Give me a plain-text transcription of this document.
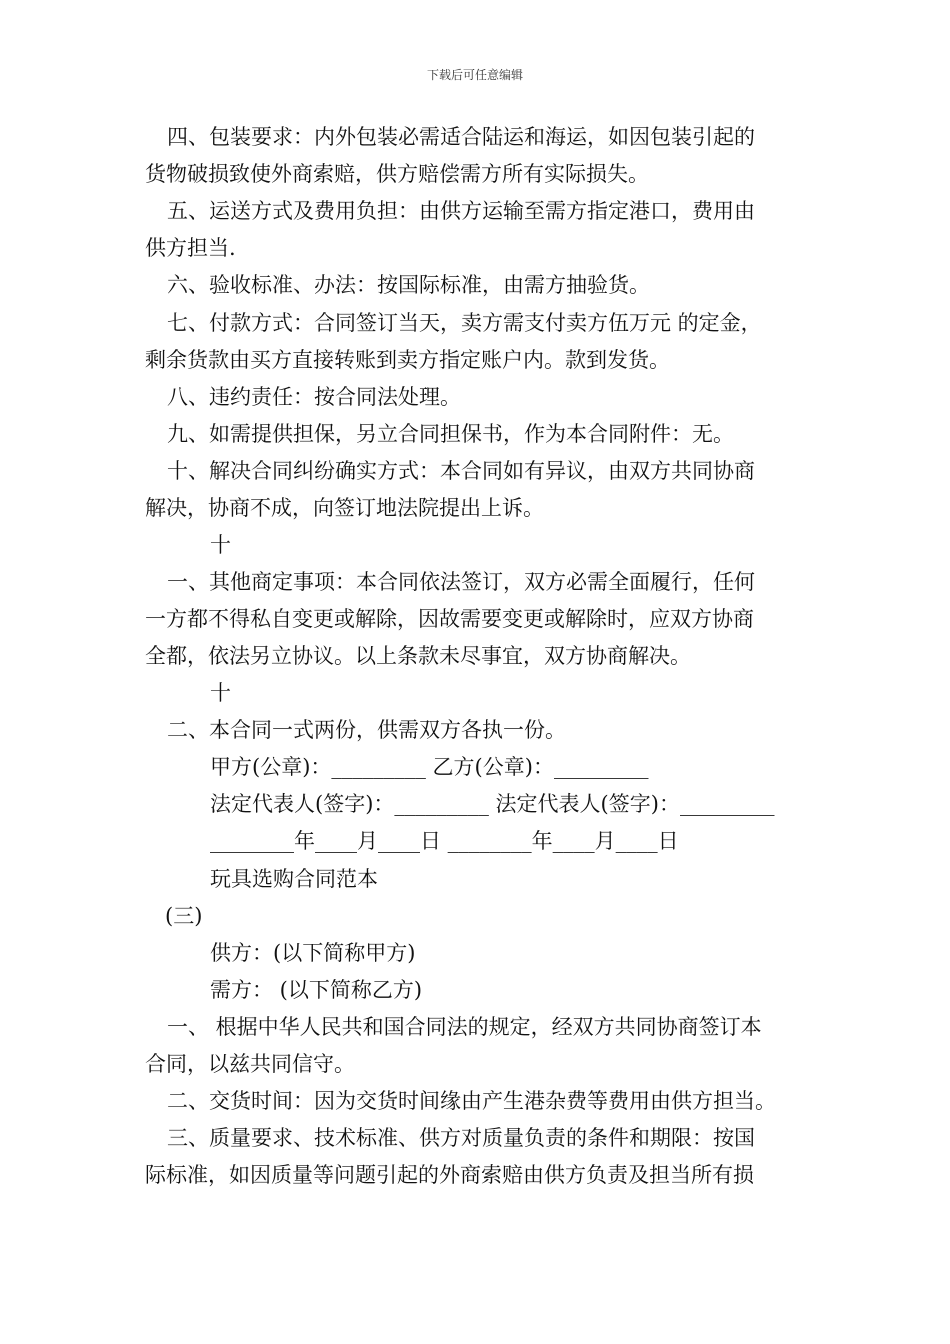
下载后可任意编辑
四、包装要求：内外包装必需适合陆运和海运，如因包装引起的
货物破损致使外商索赔，供方赔偿需方所有实际损失。
五、运送方式及费用负担：由供方运输至需方指定港口，费用由
供方担当.
六、验收标准、办法：按国际标准，由需方抽验货。
七、付款方式：合同签订当天，卖方需支付卖方伍万元 的定金，
剩余货款由买方直接转账到卖方指定账户内。款到发货。
八、违约责任：按合同法处理。
九、如需提供担保，另立合同担保书，作为本合同附件：无。
十、解决合同纠纷确实方式：本合同如有异议，由双方共同协商
解决，协商不成，向签订地法院提出上诉。
十
一、其他商定事项：本合同依法签订，双方必需全面履行，任何
一方都不得私自变更或解除，因故需要变更或解除时，应双方协商
全都，依法另立协议。以上条款未尽事宜，双方协商解决。
十
二、本合同一式两份，供需双方各执一份。
甲方(公章)：_________ 乙方(公章)：_________
法定代表人(签字)：_________ 法定代表人(签字)：_________
________年____月____日 ________年____月____日
玩具选购合同范本
(三)
供方：(以下简称甲方)
需方： (以下简称乙方)
一、 根据中华人民共和国合同法的规定，经双方共同协商签订本
合同，以兹共同信守。
二、交货时间：因为交货时间缘由产生港杂费等费用由供方担当。
三、质量要求、技术标准、供方对质量负责的条件和期限：按国
际标准，如因质量等问题引起的外商索赔由供方负责及担当所有损
